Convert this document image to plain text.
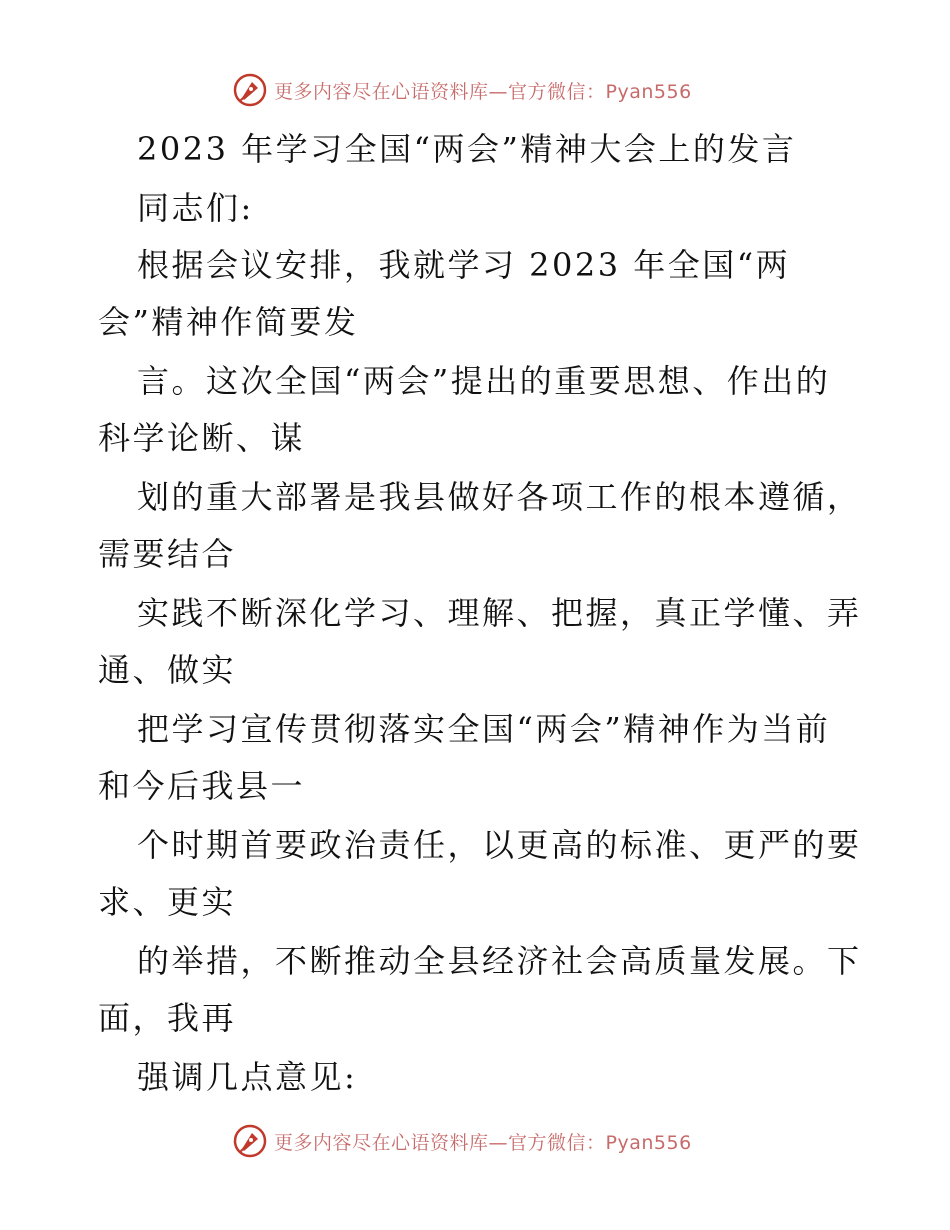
更多内容尽在心语资料库—官方微信：Pyan556
2023 年学习全国“两会”精神大会上的发言
同志们:
根据会议安排，我就学习 2023 年全国“两
会”精神作简要发
言。这次全国“两会”提出的重要思想、作出的
科学论断、谋
划的重大部署是我县做好各项工作的根本遵循，
需要结合
实践不断深化学习、理解、把握，真正学懂、弄
通、做实
把学习宣传贯彻落实全国“两会”精神作为当前
和今后我县一
个时期首要政治责任，以更高的标准、更严的要
求、更实
的举措，不断推动全县经济社会高质量发展。下
面，我再
强调几点意见:
更多内容尽在心语资料库—官方微信：Pyan556
